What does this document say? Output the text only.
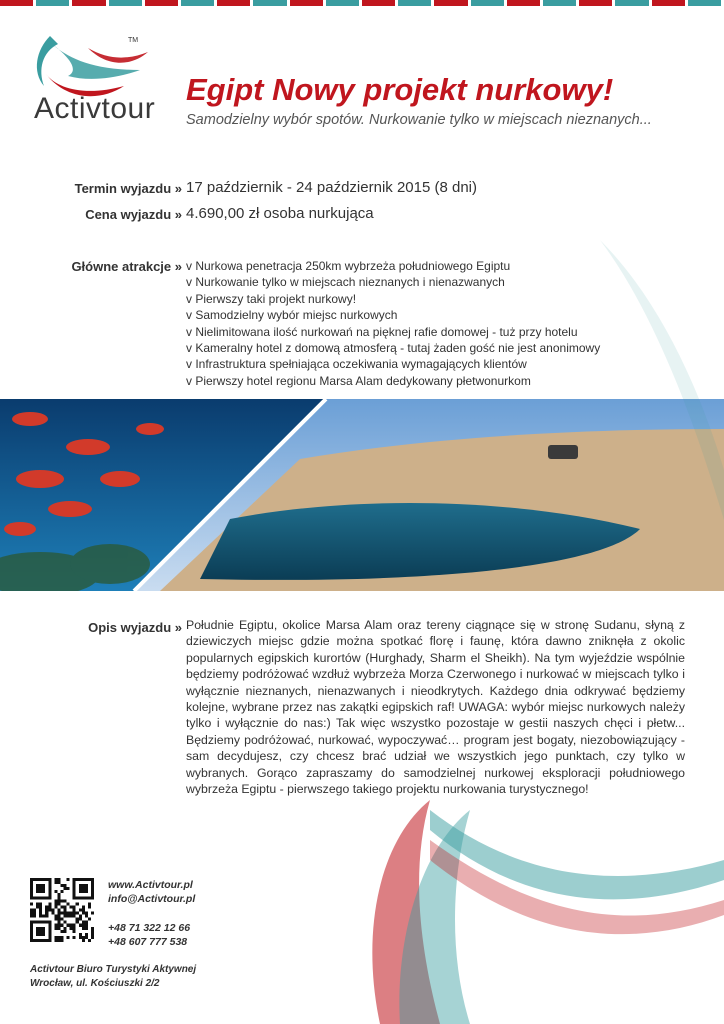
TM
Activtour
Egipt Nowy projekt nurkowy!
Samodzielny wybór spotów. Nurkowanie tylko w miejscach nieznanych...
Termin wyjazdu » 17 październik - 24 październik 2015 (8 dni)
Cena wyjazdu » 4.690,00 zł osoba nurkująca
Główne atrakcje » v Nurkowa penetracja 250km wybrzeża południowego Egiptu
v Nurkowanie tylko w miejscach nieznanych i nienazwanych
v Pierwszy taki projekt nurkowy!
v Samodzielny wybór miejsc nurkowych
v Nielimitowana ilość nurkowań na pięknej rafie domowej - tuż przy hotelu
v Kameralny hotel z domową atmosferą - tutaj żaden gość nie jest anonimowy
v Infrastruktura spełniająca oczekiwania wymagających klientów
v Pierwszy hotel regionu Marsa Alam dedykowany płetwonurkom
Opis wyjazdu » Południe Egiptu, okolice Marsa Alam oraz tereny ciągnące się w stronę Sudanu, słyną z dziewiczych miejsc gdzie można spotkać florę i faunę, która dawno zniknęła z okolic popularnych egipskich kurortów (Hurghady, Sharm el Sheikh). Na tym wyjeździe wspólnie będziemy podróżować wzdłuż wybrzeża Morza Czerwonego i nurkować w miejscach tylko i wyłącznie nieznanych, nienazwanych i nieodkrytych. Każdego dnia odkrywać będziemy kolejne, wybrane przez nas zakątki egipskich raf! UWAGA: wybór miejsc nurkowych należy tylko i wyłącznie do nas:) Tak więc wszystko pozostaje w gestii naszych chęci i płetw... Będziemy podróżować, nurkować, wypoczywać… program jest bogaty, niezobowiązujący - sam decydujesz, czy chcesz brać udział we wszystkich jego punktach, czy tylko w wybranych. Gorąco zapraszamy do samodzielnej nurkowej eksploracji południowego wybrzeża Egiptu - pierwszego takiego projektu nurkowania turystycznego!
www.Activtour.pl
info@Activtour.pl
+48 71 322 12 66
+48 607 777 538
Activtour Biuro Turystyki Aktywnej
Wrocław, ul. Kościuszki 2/2
